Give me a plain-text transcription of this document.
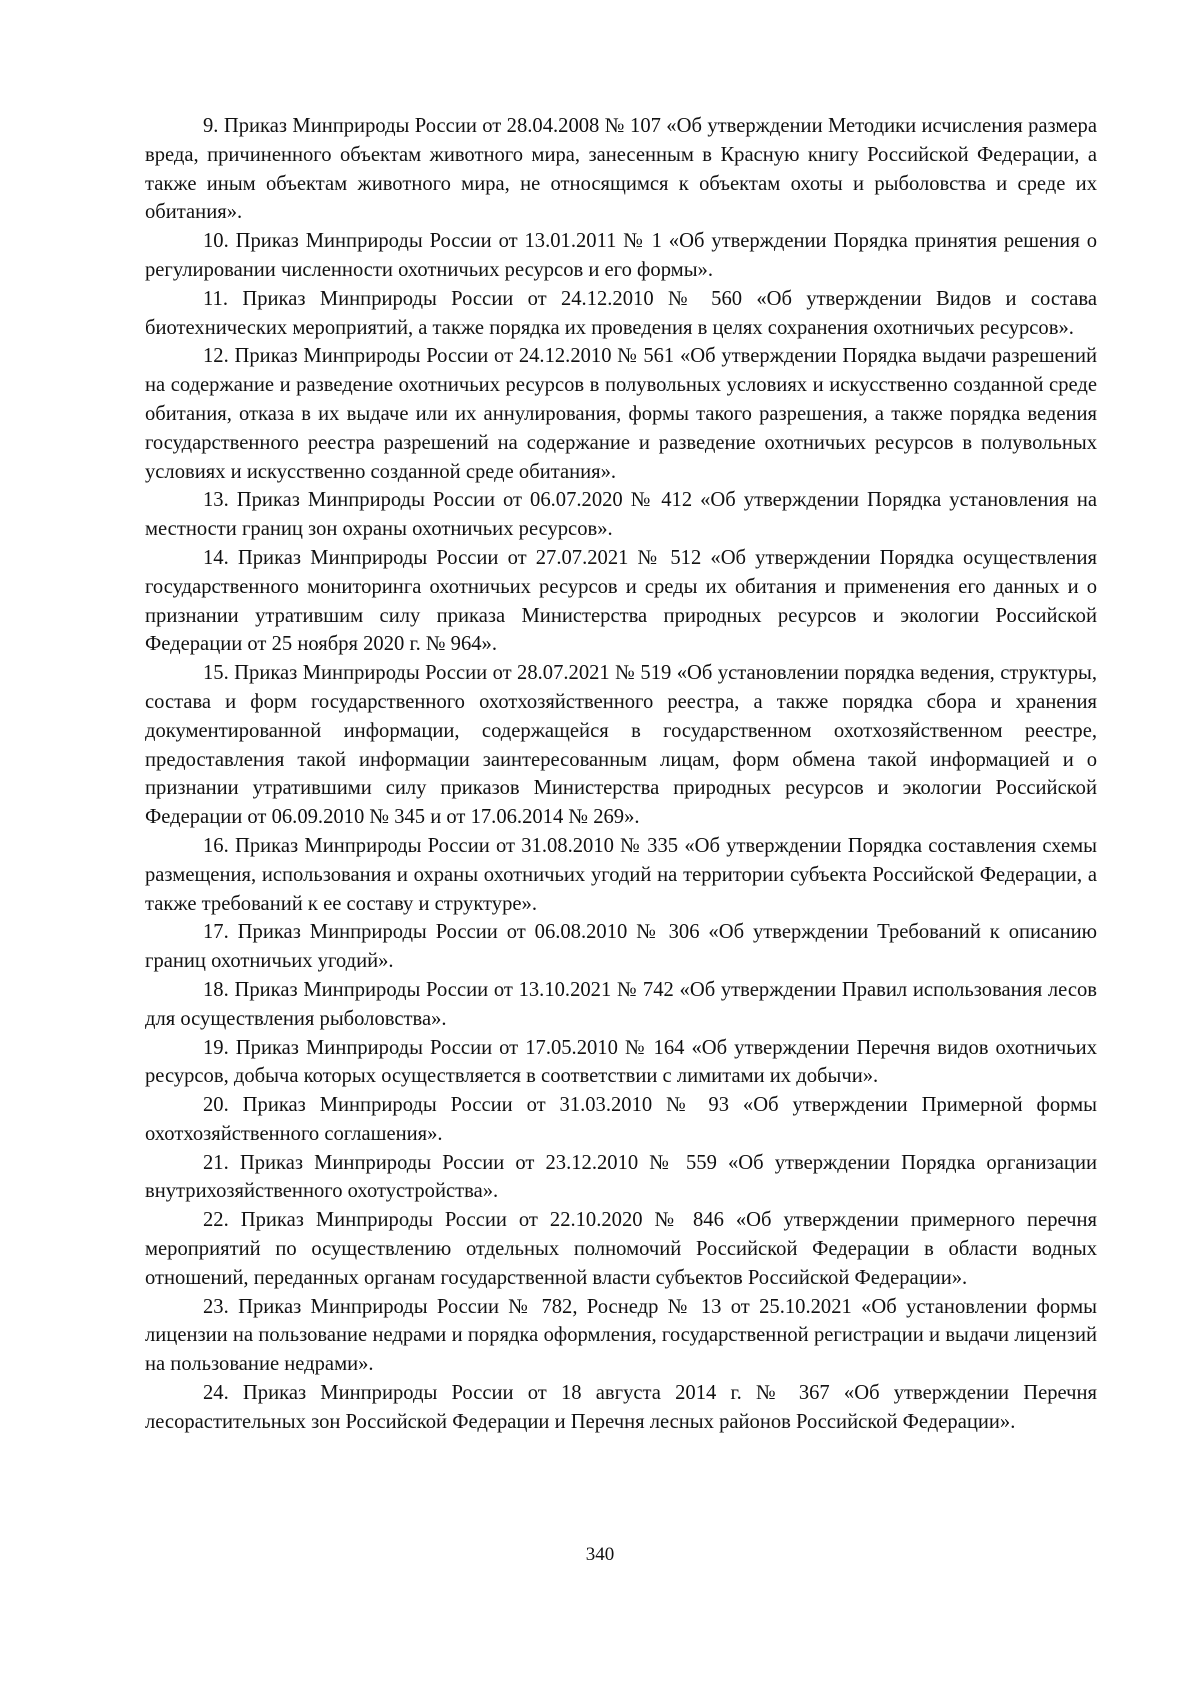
9. Приказ Минприроды России от 28.04.2008 № 107 «Об утверждении Методики исчисления размера вреда, причиненного объектам животного мира, занесенным в Красную книгу Российской Федерации, а также иным объектам животного мира, не относящимся к объектам охоты и рыболовства и среде их обитания».

10. Приказ Минприроды России от 13.01.2011 № 1 «Об утверждении Порядка принятия решения о регулировании численности охотничьих ресурсов и его формы».

11. Приказ Минприроды России от 24.12.2010 № 560 «Об утверждении Видов и состава биотехнических мероприятий, а также порядка их проведения в целях сохранения охотничьих ресурсов».

12. Приказ Минприроды России от 24.12.2010 № 561 «Об утверждении Порядка выдачи разрешений на содержание и разведение охотничьих ресурсов в полувольных условиях и искусственно созданной среде обитания, отказа в их выдаче или их аннулирования, формы такого разрешения, а также порядка ведения государственного реестра разрешений на содержание и разведение охотничьих ресурсов в полувольных условиях и искусственно созданной среде обитания».

13. Приказ Минприроды России от 06.07.2020 № 412 «Об утверждении Порядка установления на местности границ зон охраны охотничьих ресурсов».

14. Приказ Минприроды России от 27.07.2021 № 512 «Об утверждении Порядка осуществления государственного мониторинга охотничьих ресурсов и среды их обитания и применения его данных и о признании утратившим силу приказа Министерства природных ресурсов и экологии Российской Федерации от 25 ноября 2020 г. № 964».

15. Приказ Минприроды России от 28.07.2021 № 519 «Об установлении порядка ведения, структуры, состава и форм государственного охотхозяйственного реестра, а также порядка сбора и хранения документированной информации, содержащейся в государственном охотхозяйственном реестре, предоставления такой информации заинтересованным лицам, форм обмена такой информацией и о признании утратившими силу приказов Министерства природных ресурсов и экологии Российской Федерации от 06.09.2010 № 345 и от 17.06.2014 № 269».

16. Приказ Минприроды России от 31.08.2010 № 335 «Об утверждении Порядка составления схемы размещения, использования и охраны охотничьих угодий на территории субъекта Российской Федерации, а также требований к ее составу и структуре».

17. Приказ Минприроды России от 06.08.2010 № 306 «Об утверждении Требований к описанию границ охотничьих угодий».

18. Приказ Минприроды России от 13.10.2021 № 742 «Об утверждении Правил использования лесов для осуществления рыболовства».

19. Приказ Минприроды России от 17.05.2010 № 164 «Об утверждении Перечня видов охотничьих ресурсов, добыча которых осуществляется в соответствии с лимитами их добычи».

20. Приказ Минприроды России от 31.03.2010 № 93 «Об утверждении Примерной формы охотхозяйственного соглашения».

21. Приказ Минприроды России от 23.12.2010 № 559 «Об утверждении Порядка организации внутрихозяйственного охотустройства».

22. Приказ Минприроды России от 22.10.2020 № 846 «Об утверждении примерного перечня мероприятий по осуществлению отдельных полномочий Российской Федерации в области водных отношений, переданных органам государственной власти субъектов Российской Федерации».

23. Приказ Минприроды России № 782, Роснедр № 13 от 25.10.2021 «Об установлении формы лицензии на пользование недрами и порядка оформления, государственной регистрации и выдачи лицензий на пользование недрами».

24. Приказ Минприроды России от 18 августа 2014 г. № 367 «Об утверждении Перечня лесорастительных зон Российской Федерации и Перечня лесных районов Российской Федерации».

340
